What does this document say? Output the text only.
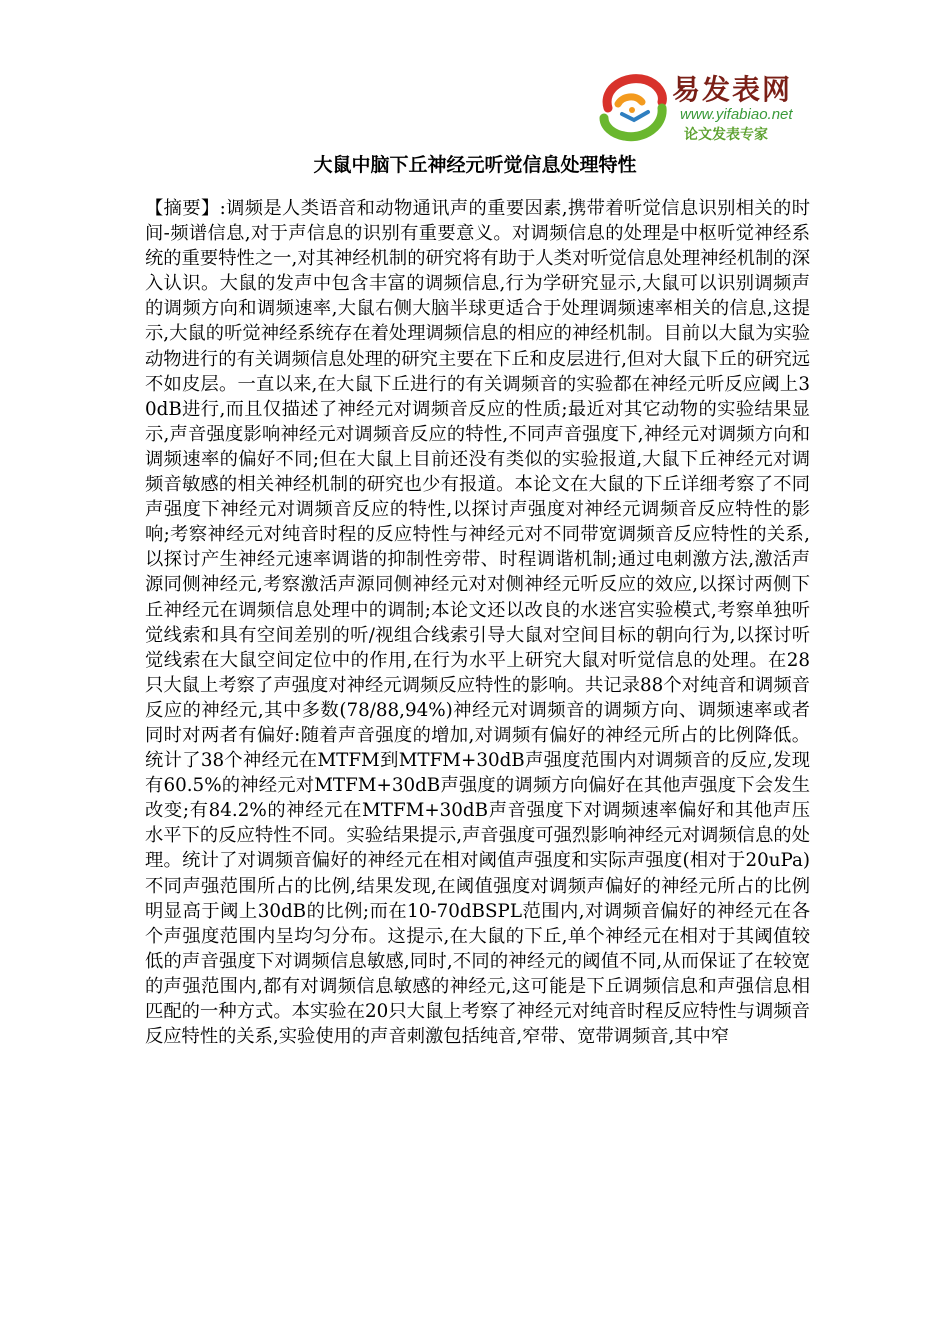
易发表网
www.yifabiao.net
论文发表专家
大鼠中脑下丘神经元听觉信息处理特性
【摘要】:调频是人类语音和动物通讯声的重要因素,携带着听觉信息识别相关的时间-频谱信息,对于声信息的识别有重要意义。对调频信息的处理是中枢听觉神经系统的重要特性之一,对其神经机制的研究将有助于人类对听觉信息处理神经机制的深入认识。大鼠的发声中包含丰富的调频信息,行为学研究显示,大鼠可以识别调频声的调频方向和调频速率,大鼠右侧大脑半球更适合于处理调频速率相关的信息,这提示,大鼠的听觉神经系统存在着处理调频信息的相应的神经机制。目前以大鼠为实验动物进行的有关调频信息处理的研究主要在下丘和皮层进行,但对大鼠下丘的研究远不如皮层。一直以来,在大鼠下丘进行的有关调频音的实验都在神经元听反应阈上30dB进行,而且仅描述了神经元对调频音反应的性质;最近对其它动物的实验结果显示,声音强度影响神经元对调频音反应的特性,不同声音强度下,神经元对调频方向和调频速率的偏好不同;但在大鼠上目前还没有类似的实验报道,大鼠下丘神经元对调频音敏感的相关神经机制的研究也少有报道。本论文在大鼠的下丘详细考察了不同声强度下神经元对调频音反应的特性,以探讨声强度对神经元调频音反应特性的影响;考察神经元对纯音时程的反应特性与神经元对不同带宽调频音反应特性的关系,以探讨产生神经元速率调谐的抑制性旁带、时程调谐机制;通过电刺激方法,激活声源同侧神经元,考察激活声源同侧神经元对对侧神经元听反应的效应,以探讨两侧下丘神经元在调频信息处理中的调制;本论文还以改良的水迷宫实验模式,考察单独听觉线索和具有空间差别的听/视组合线索引导大鼠对空间目标的朝向行为,以探讨听觉线索在大鼠空间定位中的作用,在行为水平上研究大鼠对听觉信息的处理。在28只大鼠上考察了声强度对神经元调频反应特性的影响。共记录88个对纯音和调频音反应的神经元,其中多数(78/88,94%)神经元对调频音的调频方向、调频速率或者同时对两者有偏好:随着声音强度的增加,对调频有偏好的神经元所占的比例降低。统计了38个神经元在MTFM到MTFM+30dB声强度范围内对调频音的反应,发现有60.5%的神经元对MTFM+30dB声强度的调频方向偏好在其他声强度下会发生改变;有84.2%的神经元在MTFM+30dB声音强度下对调频速率偏好和其他声压水平下的反应特性不同。实验结果提示,声音强度可强烈影响神经元对调频信息的处理。统计了对调频音偏好的神经元在相对阈值声强度和实际声强度(相对于20uPa)不同声强范围所占的比例,结果发现,在阈值强度对调频声偏好的神经元所占的比例明显高于阈上30dB的比例;而在10-70dBSPL范围内,对调频音偏好的神经元在各个声强度范围内呈均匀分布。这提示,在大鼠的下丘,单个神经元在相对于其阈值较低的声音强度下对调频信息敏感,同时,不同的神经元的阈值不同,从而保证了在较宽的声强范围内,都有对调频信息敏感的神经元,这可能是下丘调频信息和声强信息相匹配的一种方式。本实验在20只大鼠上考察了神经元对纯音时程反应特性与调频音反应特性的关系,实验使用的声音刺激包括纯音,窄带、宽带调频音,其中窄
